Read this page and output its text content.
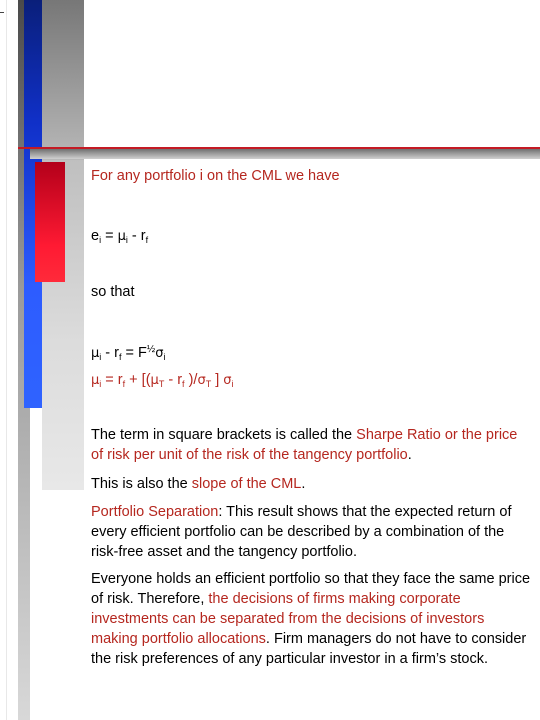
For any portfolio i on the CML we have

$e_i = \mu_i - r_f$

so that

$\mu_i - r_f = F^{\frac{1}{2}}\sigma_i$

$\mu_i = r_f + [(\mu_T - r_f$ )$/\sigma_T$ ] $\sigma_i$

The term in square brackets is called the Sharpe Ratio or the price of risk per unit of the risk of the tangency portfolio.

This is also the slope of the CML.

Portfolio Separation: This result shows that the expected return of every efficient portfolio can be described by a combination of the risk-free asset and the tangency portfolio.

Everyone holds an efficient portfolio so that they face the same price of risk. Therefore, the decisions of firms making corporate investments can be separated from the decisions of investors making portfolio allocations. Firm managers do not have to consider the risk preferences of any particular investor in a firm’s stock.
